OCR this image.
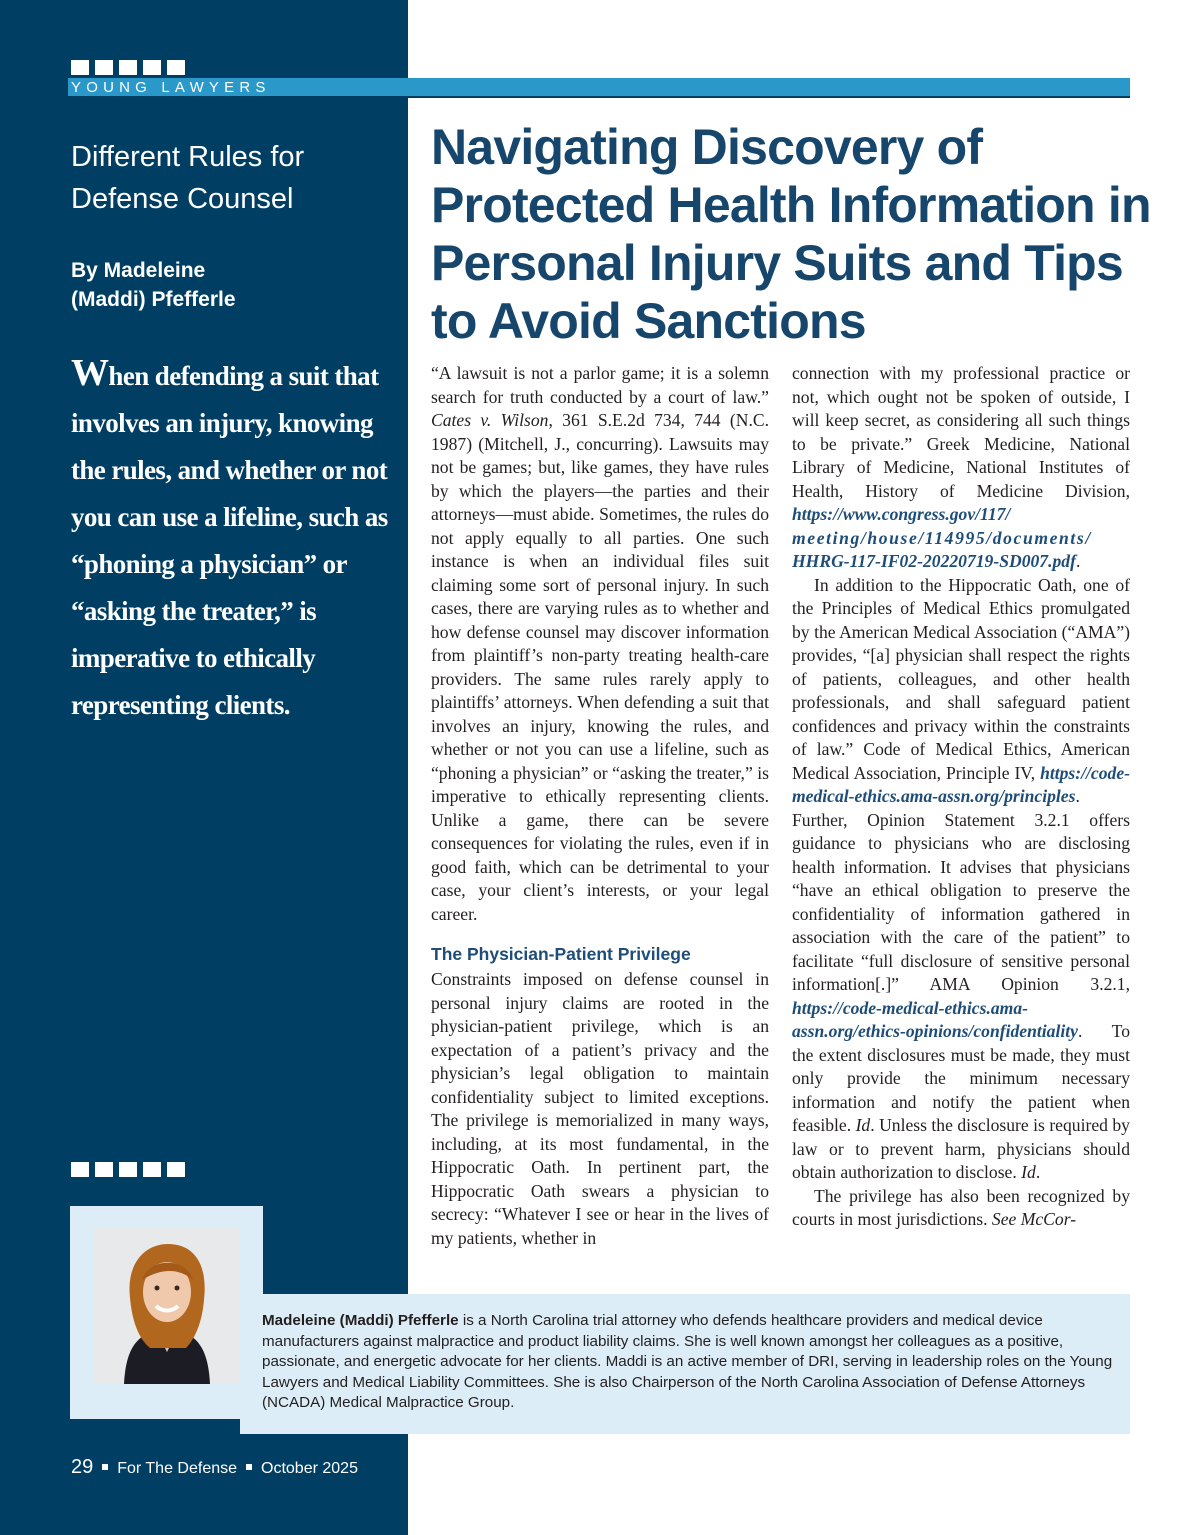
YOUNG LAWYERS
Different Rules for Defense Counsel
By Madeleine
(Maddi) Pfefferle
When defending a suit that involves an injury, knowing the rules, and whether or not you can use a lifeline, such as “phoning a physician” or “asking the treater,” is imperative to ethically representing clients.
Navigating Discovery of Protected Health Information in Personal Injury Suits and Tips to Avoid Sanctions

“A lawsuit is not a parlor game; it is a solemn search for truth conducted by a court of law.” Cates v. Wilson, 361 S.E.2d 734, 744 (N.C. 1987) (Mitchell, J., concurring). Lawsuits may not be games; but, like games, they have rules by which the players—the parties and their attorneys—must abide. Sometimes, the rules do not apply equally to all parties. One such instance is when an individual files suit claiming some sort of personal injury. In such cases, there are varying rules as to whether and how defense counsel may discover information from plaintiff’s non-party treating health-care providers. The same rules rarely apply to plaintiffs’ attorneys. When defending a suit that involves an injury, knowing the rules, and whether or not you can use a lifeline, such as “phoning a physician” or “asking the treater,” is imperative to ethically representing clients. Unlike a game, there can be severe consequences for violating the rules, even if in good faith, which can be detrimental to your case, your client’s interests, or your legal career.

The Physician-Patient Privilege

Constraints imposed on defense counsel in personal injury claims are rooted in the physician-patient privilege, which is an expectation of a patient’s privacy and the physician’s legal obligation to maintain confidentiality subject to limited exceptions. The privilege is memorialized in many ways, including, at its most fundamental, in the Hippocratic Oath. In pertinent part, the Hippocratic Oath swears a physician to secrecy: “Whatever I see or hear in the lives of my patients, whether in

connection with my professional practice or not, which ought not be spoken of outside, I will keep secret, as considering all such things to be private.” Greek Medicine, National Library of Medicine, National Institutes of Health, History of Medicine Division, https://www.congress.gov/117/ meeting/house/114995/documents/ HHRG-117-IF02-20220719-SD007.pdf.

In addition to the Hippocratic Oath, one of the Principles of Medical Ethics promulgated by the American Medical Association (“AMA”) provides, “[a] physician shall respect the rights of patients, colleagues, and other health professionals, and shall safeguard patient confidences and privacy within the constraints of law.” Code of Medical Ethics, American Medical Association, Principle IV, https://code-medical-ethics.ama-assn.org/principles. Further, Opinion Statement 3.2.1 offers guidance to physicians who are disclosing health information. It advises that physicians “have an ethical obligation to preserve the confidentiality of information gathered in association with the care of the patient” to facilitate “full disclosure of sensitive personal information[.]” AMA Opinion 3.2.1, https://code-medical-ethics.ama-assn.org/ethics-opinions/confidentiality. To the extent disclosures must be made, they must only provide the minimum necessary information and notify the patient when feasible. Id. Unless the disclosure is required by law or to prevent harm, physicians should obtain authorization to disclose. Id.

The privilege has also been recognized by courts in most jurisdictions. See McCor-

Madeleine (Maddi) Pfefferle is a North Carolina trial attorney who defends healthcare providers and medical device manufacturers against malpractice and product liability claims. She is well known amongst her colleagues as a positive, passionate, and energetic advocate for her clients. Maddi is an active member of DRI, serving in leadership roles on the Young Lawyers and Medical Liability Committees. She is also Chairperson of the North Carolina Association of Defense Attorneys (NCADA) Medical Malpractice Group.
29 For The Defense October 2025
